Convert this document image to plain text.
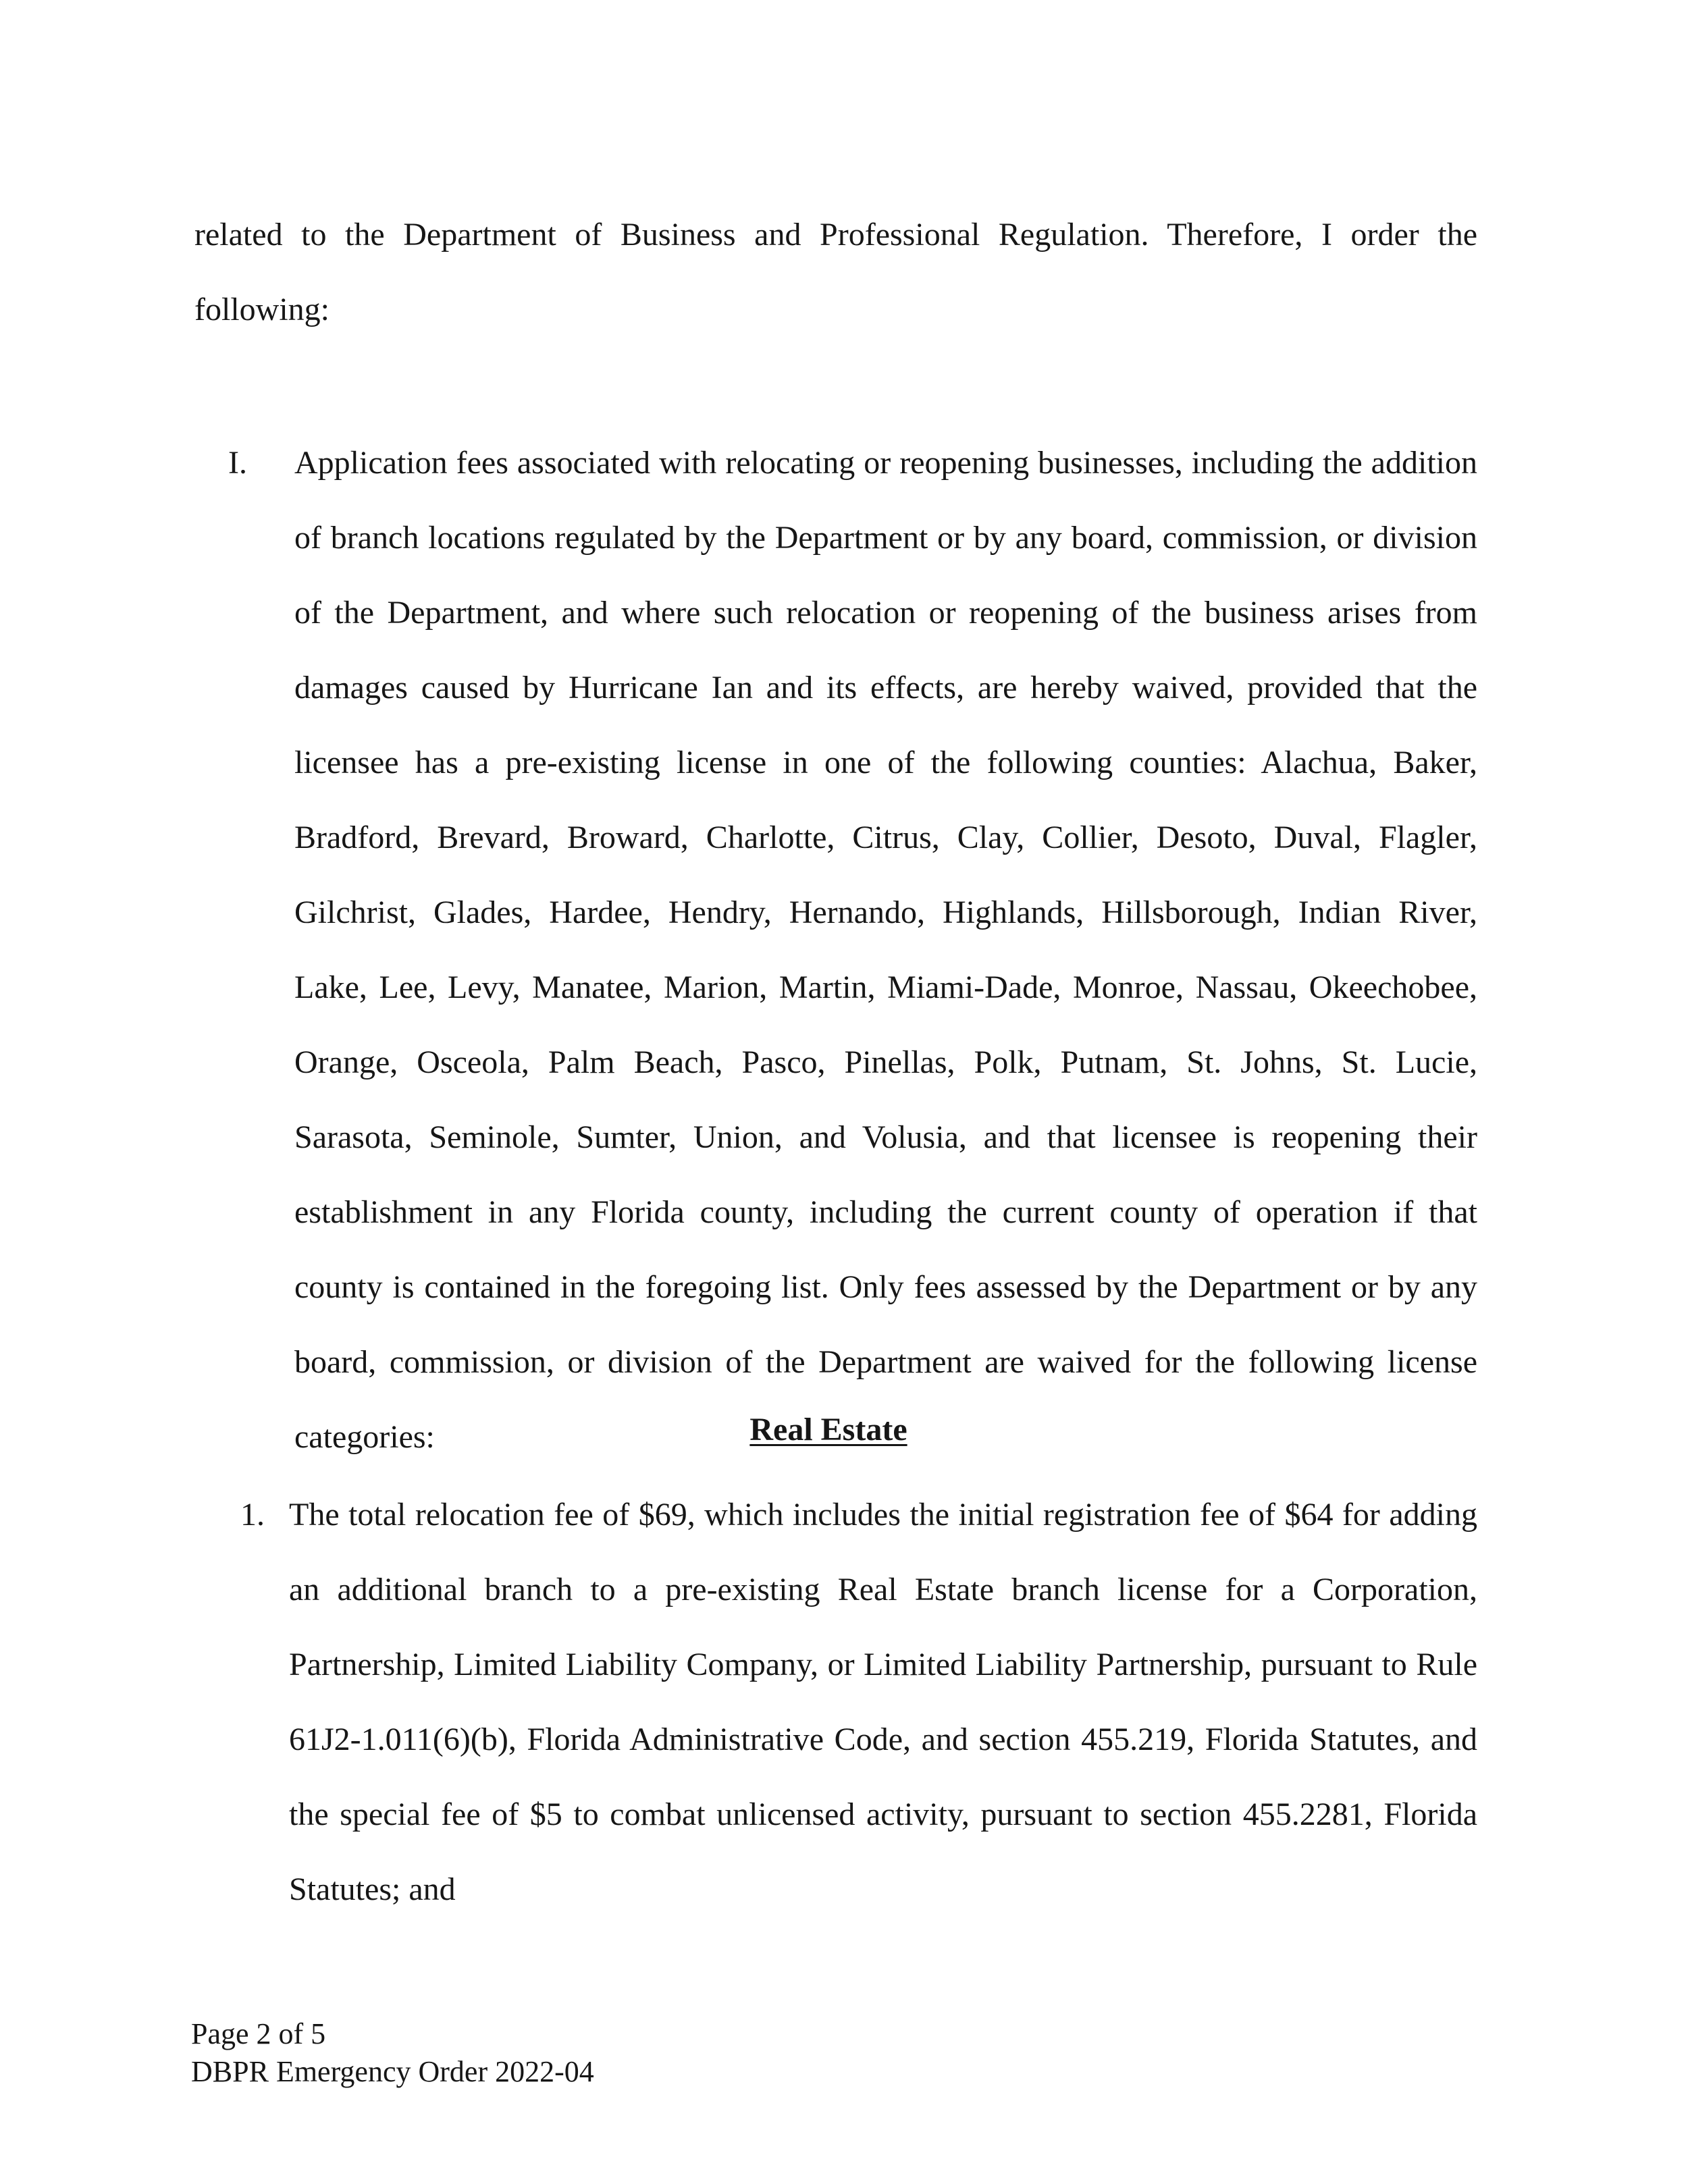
related to the Department of Business and Professional Regulation. Therefore, I order the following:

I. Application fees associated with relocating or reopening businesses, including the addition of branch locations regulated by the Department or by any board, commission, or division of the Department, and where such relocation or reopening of the business arises from damages caused by Hurricane Ian and its effects, are hereby waived, provided that the licensee has a pre-existing license in one of the following counties: Alachua, Baker, Bradford, Brevard, Broward, Charlotte, Citrus, Clay, Collier, Desoto, Duval, Flagler, Gilchrist, Glades, Hardee, Hendry, Hernando, Highlands, Hillsborough, Indian River, Lake, Lee, Levy, Manatee, Marion, Martin, Miami-Dade, Monroe, Nassau, Okeechobee, Orange, Osceola, Palm Beach, Pasco, Pinellas, Polk, Putnam, St. Johns, St. Lucie, Sarasota, Seminole, Sumter, Union, and Volusia, and that licensee is reopening their establishment in any Florida county, including the current county of operation if that county is contained in the foregoing list. Only fees assessed by the Department or by any board, commission, or division of the Department are waived for the following license categories:	Real Estate
1. The total relocation fee of $69, which includes the initial registration fee of $64 for adding an additional branch to a pre-existing Real Estate branch license for a Corporation, Partnership, Limited Liability Company, or Limited Liability Partnership, pursuant to Rule 61J2-1.011(6)(b), Florida Administrative Code, and section 455.219, Florida Statutes, and the special fee of $5 to combat unlicensed activity, pursuant to section 455.2281, Florida Statutes; and

Page 2 of 5
DBPR Emergency Order 2022-04
